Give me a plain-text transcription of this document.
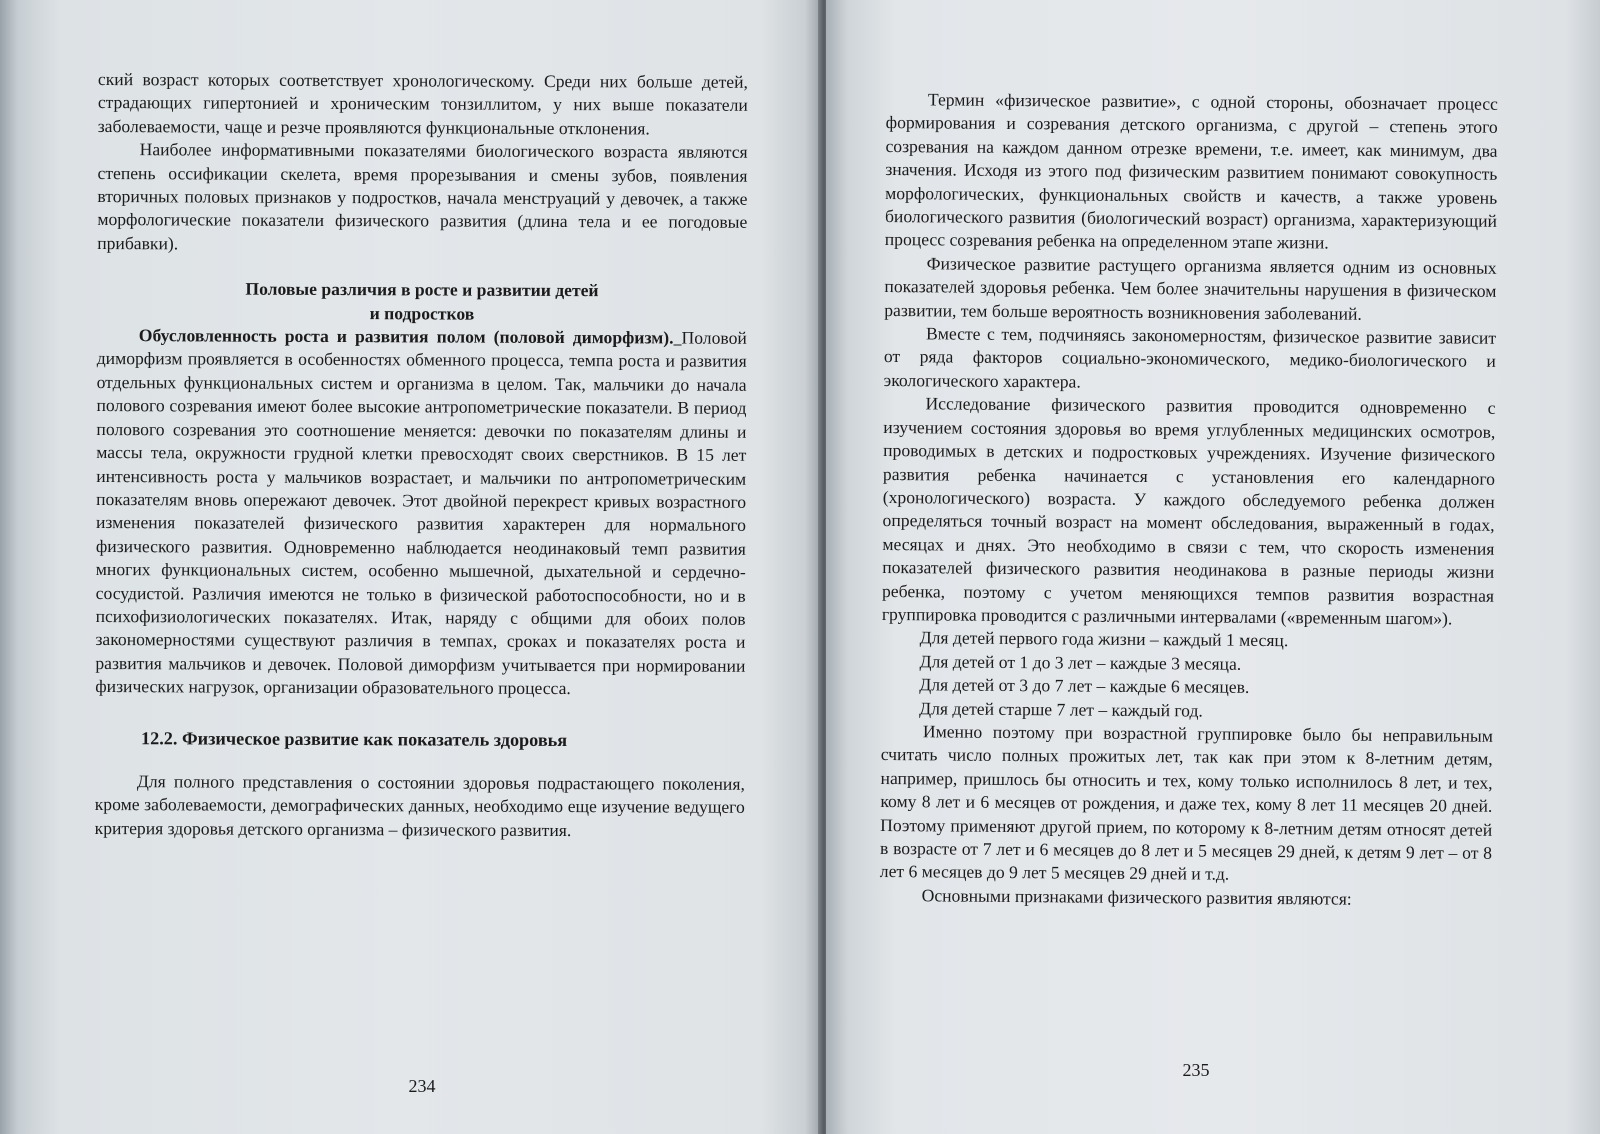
ский возраст которых соответствует хронологическому. Среди них больше детей, страдающих гипертонией и хроническим тонзиллитом, у них выше показатели заболеваемости, чаще и резче проявляются функциональные отклонения.

Наиболее информативными показателями биологического возраста являются степень оссификации скелета, время прорезывания и смены зубов, появления вторичных половых признаков у подростков, начала менструаций у девочек, а также морфологические показатели физического развития (длина тела и ее погодовые прибавки).

Половые различия в росте и развитии детей

и подростков

Обусловленность роста и развития полом (половой диморфизм). Половой диморфизм проявляется в особенностях обменного процесса, темпа роста и развития отдельных функциональных систем и организма в целом. Так, мальчики до начала полового созревания имеют более высокие антропометрические показатели. В период полового созревания это соотношение меняется: девочки по показателям длины и массы тела, окружности грудной клетки превосходят своих сверстников. В 15 лет интенсивность роста у мальчиков возрастает, и мальчики по антропометрическим показателям вновь опережают девочек. Этот двойной перекрест кривых возрастного изменения показателей физического развития характерен для нормального физического развития. Одновременно наблюдается неодинаковый темп развития многих функциональных систем, особенно мышечной, дыхательной и сердечно-сосудистой. Различия имеются не только в физической работоспособности, но и в психофизиологических показателях. Итак, наряду с общими для обоих полов закономерностями существуют различия в темпах, сроках и показателях роста и развития мальчиков и девочек. Половой диморфизм учитывается при нормировании физических нагрузок, организации образовательного процесса.

12.2. Физическое развитие как показатель здоровья

Для полного представления о состоянии здоровья подрастающего поколения, кроме заболеваемости, демографических данных, необходимо еще изучение ведущего критерия здоровья детского организма – физического развития.

234

Термин «физическое развитие», с одной стороны, обозначает процесс формирования и созревания детского организма, с другой – степень этого созревания на каждом данном отрезке времени, т.е. имеет, как минимум, два значения. Исходя из этого под физическим развитием понимают совокупность морфологических, функциональных свойств и качеств, а также уровень биологического развития (биологический возраст) организма, характеризующий процесс созревания ребенка на определенном этапе жизни.

Физическое развитие растущего организма является одним из основных показателей здоровья ребенка. Чем более значительны нарушения в физическом развитии, тем больше вероятность возникновения заболеваний.

Вместе с тем, подчиняясь закономерностям, физическое развитие зависит от ряда факторов социально-экономического, медико-биологического и экологического характера.

Исследование физического развития проводится одновременно с изучением состояния здоровья во время углубленных медицинских осмотров, проводимых в детских и подростковых учреждениях. Изучение физического развития ребенка начинается с установления его календарного (хронологического) возраста. У каждого обследуемого ребенка должен определяться точный возраст на момент обследования, выраженный в годах, месяцах и днях. Это необходимо в связи с тем, что скорость изменения показателей физического развития неодинакова в разные периоды жизни ребенка, поэтому с учетом меняющихся темпов развития возрастная группировка проводится с различными интервалами («временным шагом»).

Для детей первого года жизни – каждый 1 месяц.

Для детей от 1 до 3 лет – каждые 3 месяца.

Для детей от 3 до 7 лет – каждые 6 месяцев.

Для детей старше 7 лет – каждый год.

Именно поэтому при возрастной группировке было бы неправильным считать число полных прожитых лет, так как при этом к 8-летним детям, например, пришлось бы относить и тех, кому только исполнилось 8 лет, и тех, кому 8 лет и 6 месяцев от рождения, и даже тех, кому 8 лет 11 месяцев 20 дней. Поэтому применяют другой прием, по которому к 8-летним детям относят детей в возрасте от 7 лет и 6 месяцев до 8 лет и 5 месяцев 29 дней, к детям 9 лет – от 8 лет 6 месяцев до 9 лет 5 месяцев 29 дней и т.д.

Основными признаками физического развития являются:

235
